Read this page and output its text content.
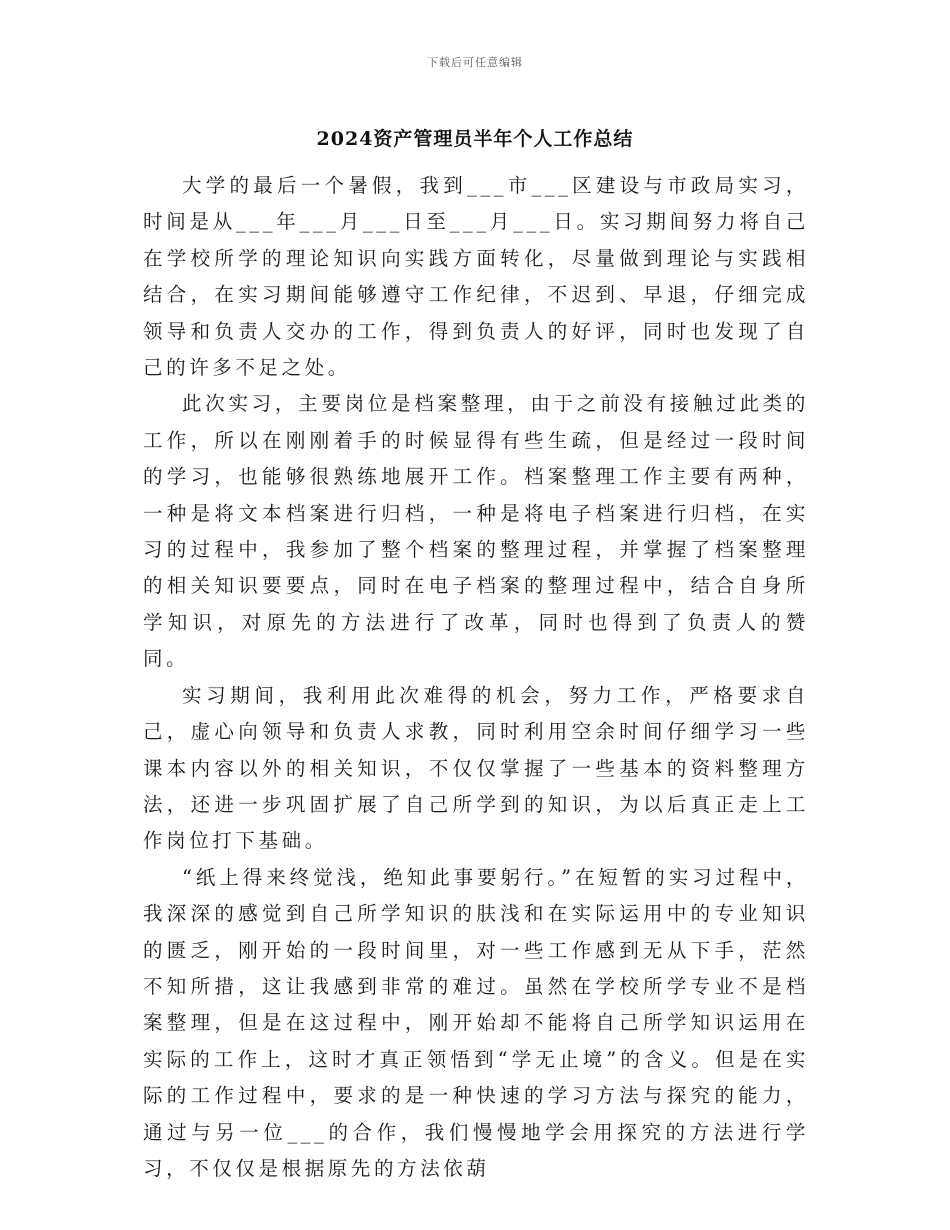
下载后可任意编辑
2024资产管理员半年个人工作总结

大学的最后一个暑假，我到___市___区建设与市政局实习，时间是从___年___月___日至___月___日。实习期间努力将自己在学校所学的理论知识向实践方面转化，尽量做到理论与实践相结合，在实习期间能够遵守工作纪律，不迟到、早退，仔细完成领导和负责人交办的工作，得到负责人的好评，同时也发现了自己的许多不足之处。

此次实习，主要岗位是档案整理，由于之前没有接触过此类的工作，所以在刚刚着手的时候显得有些生疏，但是经过一段时间的学习，也能够很熟练地展开工作。档案整理工作主要有两种，一种是将文本档案进行归档，一种是将电子档案进行归档，在实习的过程中，我参加了整个档案的整理过程，并掌握了档案整理的相关知识要要点，同时在电子档案的整理过程中，结合自身所学知识，对原先的方法进行了改革，同时也得到了负责人的赞同。

实习期间，我利用此次难得的机会，努力工作，严格要求自己，虚心向领导和负责人求教，同时利用空余时间仔细学习一些课本内容以外的相关知识，不仅仅掌握了一些基本的资料整理方法，还进一步巩固扩展了自己所学到的知识，为以后真正走上工作岗位打下基础。

“纸上得来终觉浅，绝知此事要躬行。”在短暂的实习过程中，我深深的感觉到自己所学知识的肤浅和在实际运用中的专业知识的匮乏，刚开始的一段时间里，对一些工作感到无从下手，茫然不知所措，这让我感到非常的难过。虽然在学校所学专业不是档案整理，但是在这过程中，刚开始却不能将自己所学知识运用在实际的工作上，这时才真正领悟到“学无止境”的含义。但是在实际的工作过程中，要求的是一种快速的学习方法与探究的能力，通过与另一位___的合作，我们慢慢地学会用探究的方法进行学习，不仅仅是根据原先的方法依葫
